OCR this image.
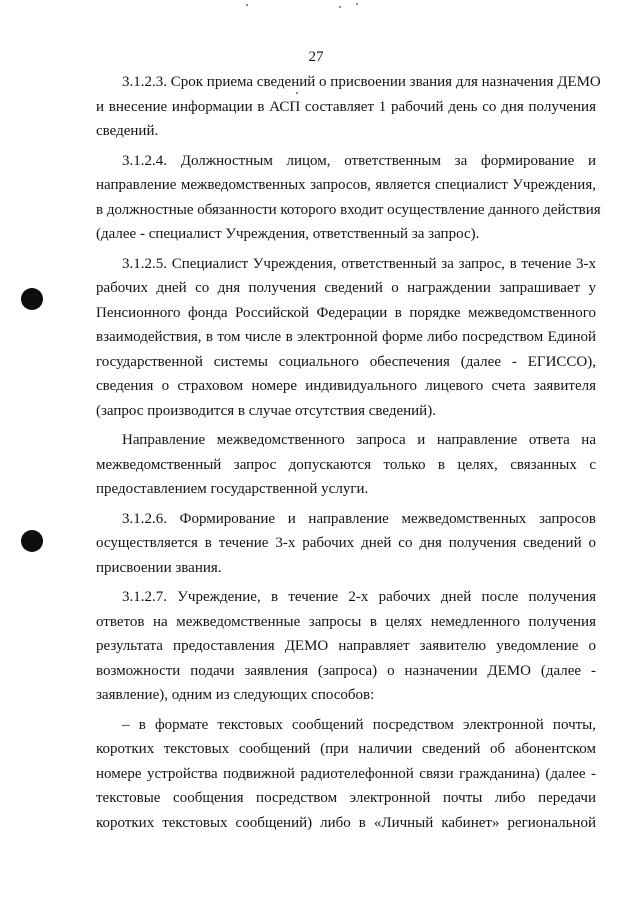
27

3.1.2.3. Срок приема сведений о присвоении звания для назначения ДЕМО
и внесение информации в АСП составляет 1 рабочий день со дня получения
сведений.

3.1.2.4. Должностным лицом, ответственным за формирование и
направление межведомственных запросов, является специалист Учреждения,
в должностные обязанности которого входит осуществление данного действия
(далее - специалист Учреждения, ответственный за запрос).

3.1.2.5. Специалист Учреждения, ответственный за запрос, в течение 3-х
рабочих дней со дня получения сведений о награждении запрашивает у
Пенсионного фонда Российской Федерации в порядке межведомственного
взаимодействия, в том числе в электронной форме либо посредством Единой
государственной системы социального обеспечения (далее - ЕГИССО),
сведения о страховом номере индивидуального лицевого счета заявителя
(запрос производится в случае отсутствия сведений).

Направление межведомственного запроса и направление ответа на
межведомственный запрос допускаются только в целях, связанных с
предоставлением государственной услуги.

3.1.2.6. Формирование и направление межведомственных запросов
осуществляется в течение 3-х рабочих дней со дня получения сведений о
присвоении звания.

3.1.2.7. Учреждение, в течение 2-х рабочих дней после получения
ответов на межведомственные запросы в целях немедленного получения
результата предоставления ДЕМО направляет заявителю уведомление о
возможности подачи заявления (запроса) о назначении ДЕМО (далее -
заявление), одним из следующих способов:

– в формате текстовых сообщений посредством электронной почты,
коротких текстовых сообщений (при наличии сведений об абонентском
номере устройства подвижной радиотелефонной связи гражданина) (далее -
текстовые сообщения посредством электронной почты либо передачи
коротких текстовых сообщений) либо в «Личный кабинет» региональной
